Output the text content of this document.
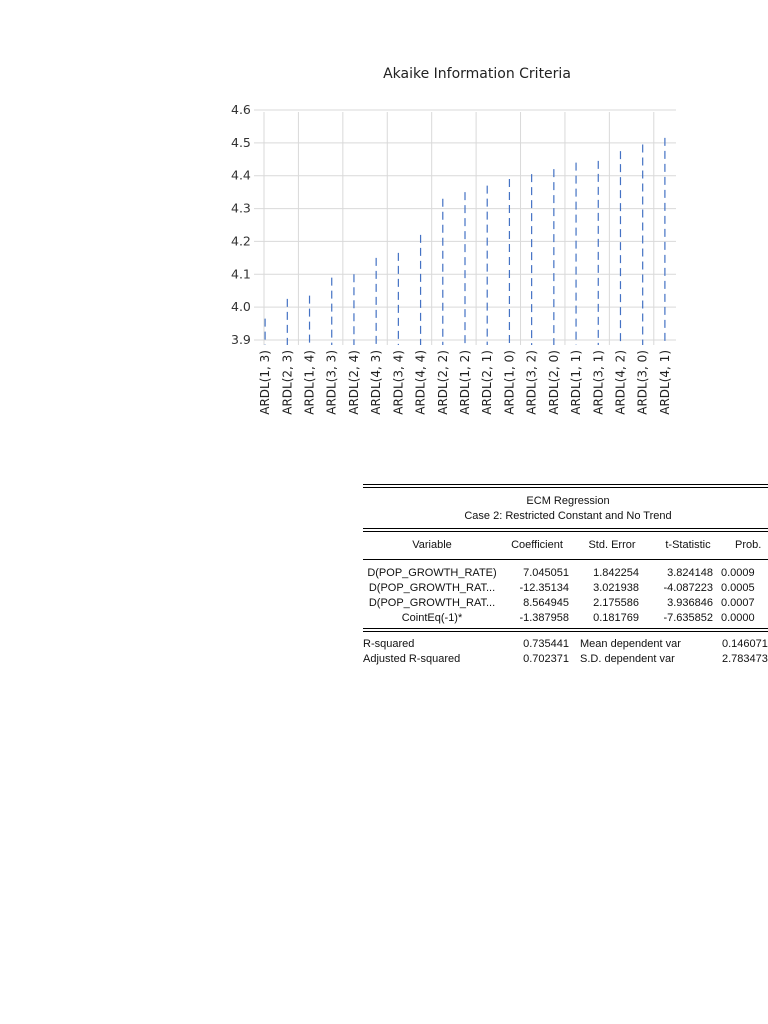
Akaike Information Criteria
3.9
4.0
4.1
4.2
4.3
4.4
4.5
4.6
ARDL(1, 3) ARDL(2, 3) ARDL(1, 4) ARDL(3, 3) ARDL(2, 4) ARDL(4, 3) ARDL(3, 4) ARDL(4, 4) ARDL(2, 2) ARDL(1, 2) ARDL(2, 1) ARDL(1, 0) ARDL(3, 2) ARDL(2, 0) ARDL(1, 1) ARDL(3, 1) ARDL(4, 2) ARDL(3, 0) ARDL(4, 1)
ECM Regression
Case 2: Restricted Constant and No Trend
Variable	Coefficient	Std. Error	t-Statistic	Prob.
D(POP_GROWTH_RATE)	7.045051	1.842254	3.824148 0.0009
D(POP_GROWTH_RAT...	-12.35134	3.021938	-4.087223 0.0005
D(POP_GROWTH_RAT...	8.564945	2.175586	3.936846 0.0007
CointEq(-1)*	-1.387958	0.181769	-7.635852 0.0000
R-squared	0.735441 Mean dependent var	0.146071
Adjusted R-squared	0.702371 S.D. dependent var	2.783473
